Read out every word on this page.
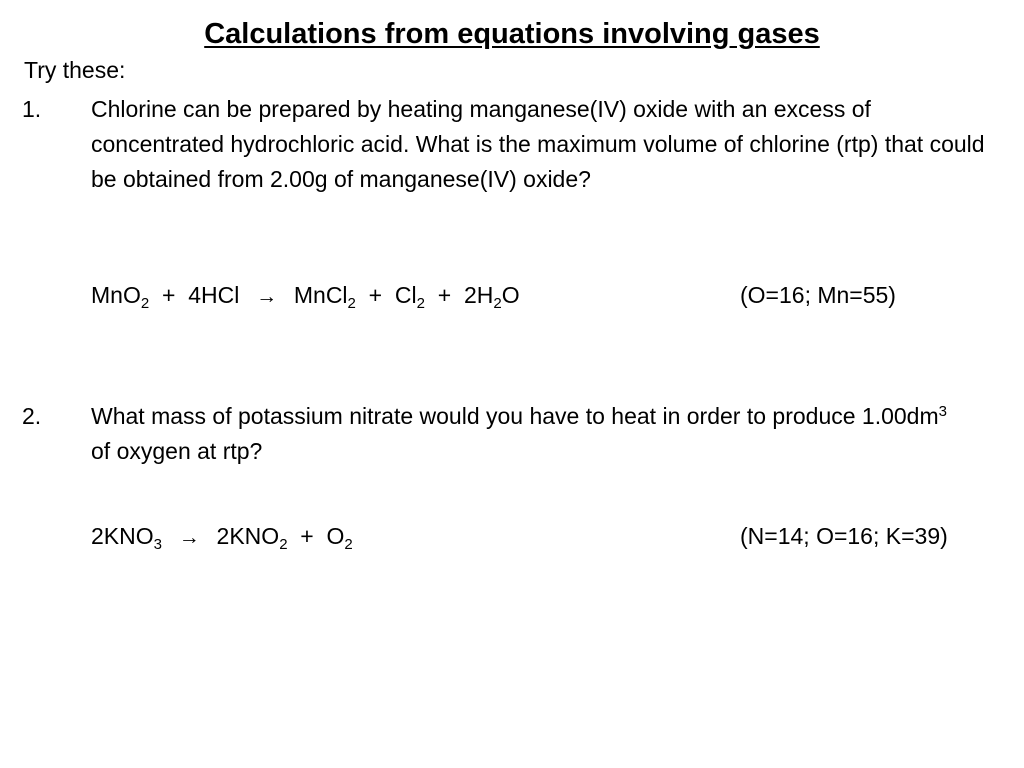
Calculations from equations involving gases
Try these:
1. Chlorine can be prepared by heating manganese(IV) oxide with an excess of concentrated hydrochloric acid. What is the maximum volume of chlorine (rtp) that could be obtained from 2.00g of manganese(IV) oxide?
MnO$_2$  +  4HCl → MnCl$_2$  +  $Cl_2 + 2H_2O$	(O=16; Mn=55)
2. What mass of potassium nitrate would you have to heat in order to produce $1.00dm^3$ of oxygen at rtp?
$2KNO_3 \to 2KNO_2 + O_2$	(N=14; O=16; K=39)
